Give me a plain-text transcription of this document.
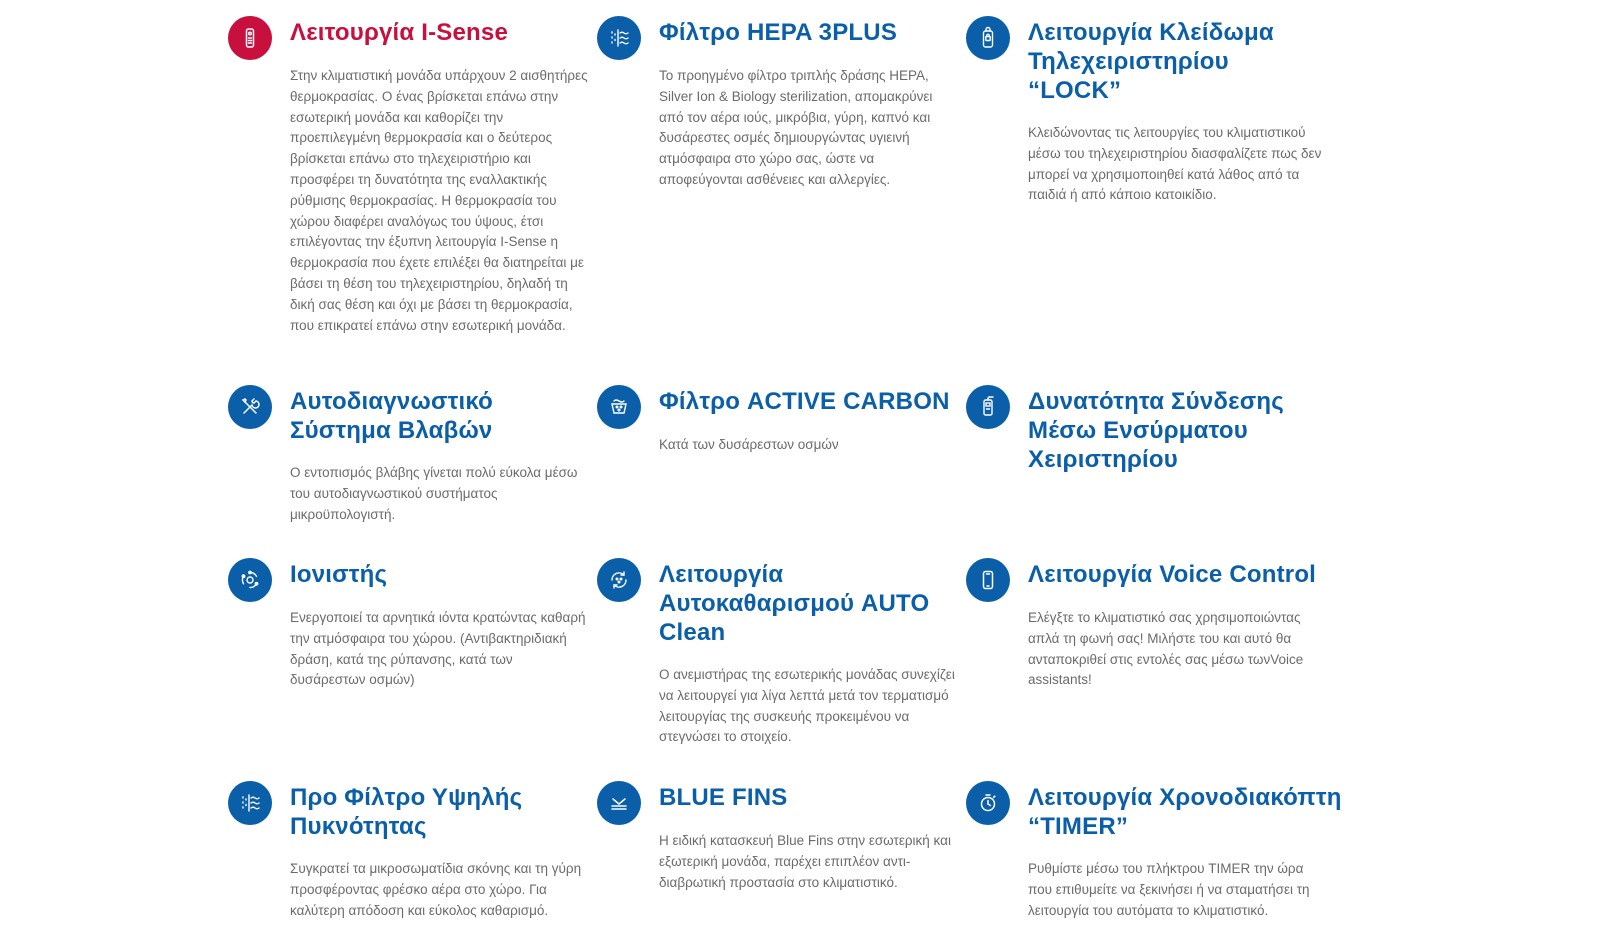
Λειτουργία I-Sense

Στην κλιματιστική μονάδα υπάρχουν 2 αισθητήρες θερμοκρασίας. Ο ένας βρίσκεται επάνω στην εσωτερική μονάδα και καθορίζει την προεπιλεγμένη θερμοκρασία και ο δεύτερος βρίσκεται επάνω στο τηλεχειριστήριο και προσφέρει τη δυνατότητα της εναλλακτικής ρύθμισης θερμοκρασίας. Η θερμοκρασία του χώρου διαφέρει αναλόγως του ύψους, έτσι επιλέγοντας την έξυπνη λειτουργία I-Sense η θερμοκρασία που έχετε επιλέξει θα διατηρείται με βάσει τη θέση του τηλεχειριστηρίου, δηλαδή τη δική σας θέση και όχι με βάσει τη θερμοκρασία, που επικρατεί επάνω στην εσωτερική μονάδα.

Φίλτρο HEPA 3PLUS

Το προηγμένο φίλτρο τριπλής δράσης HEPA, Silver Ion & Biology sterilization, απομακρύνει από τον αέρα ιούς, μικρόβια, γύρη, καπνό και δυσάρεστες οσμές δημιουργώντας υγιεινή ατμόσφαιρα στο χώρο σας, ώστε να αποφεύγονται ασθένειες και αλλεργίες.

Λειτουργία Κλείδωμα Τηλεχειριστηρίου “LOCK”

Κλειδώνοντας τις λειτουργίες του κλιματιστικού μέσω του τηλεχειριστηρίου διασφαλίζετε πως δεν μπορεί να χρησιμοποιηθεί κατά λάθος από τα παιδιά ή από κάποιο κατοικίδιο.

Αυτοδιαγνωστικό Σύστημα Βλαβών

Ο εντοπισμός βλάβης γίνεται πολύ εύκολα μέσω του αυτοδιαγνωστικού συστήματος μικροϋπολογιστή.

Φίλτρο ACTIVE CARBON

Κατά των δυσάρεστων οσμών

Δυνατότητα Σύνδεσης Μέσω Ενσύρματου Χειριστηρίου

Ιονιστής

Ενεργοποιεί τα αρνητικά ιόντα κρατώντας καθαρή την ατμόσφαιρα του χώρου. (Αντιβακτηριδιακή δράση, κατά της ρύπανσης, κατά των δυσάρεστων οσμών)

Λειτουργία Αυτοκαθαρισμού AUTO Clean

Ο ανεμιστήρας της εσωτερικής μονάδας συνεχίζει να λειτουργεί για λίγα λεπτά μετά τον τερματισμό λειτουργίας της συσκευής προκειμένου να στεγνώσει το στοιχείο.

Λειτουργία Voice Control

Ελέγξτε το κλιματιστικό σας χρησιμοποιώντας απλά τη φωνή σας! Μιλήστε του και αυτό θα ανταποκριθεί στις εντολές σας μέσω τωνVoice assistants!

Προ Φίλτρο Υψηλής Πυκνότητας

Συγκρατεί τα μικροσωματίδια σκόνης και τη γύρη προσφέροντας φρέσκο αέρα στο χώρο. Για καλύτερη απόδοση και εύκολος καθαρισμό.

BLUE FINS

Η ειδική κατασκευή Blue Fins στην εσωτερική και εξωτερική μονάδα, παρέχει επιπλέον αντι-διαβρωτική προστασία στο κλιματιστικό.

Λειτουργία Χρονοδιακόπτη “TIMER”

Ρυθμίστε μέσω του πλήκτρου TIMER την ώρα που επιθυμείτε να ξεκινήσει ή να σταματήσει τη λειτουργία του αυτόματα το κλιματιστικό.
